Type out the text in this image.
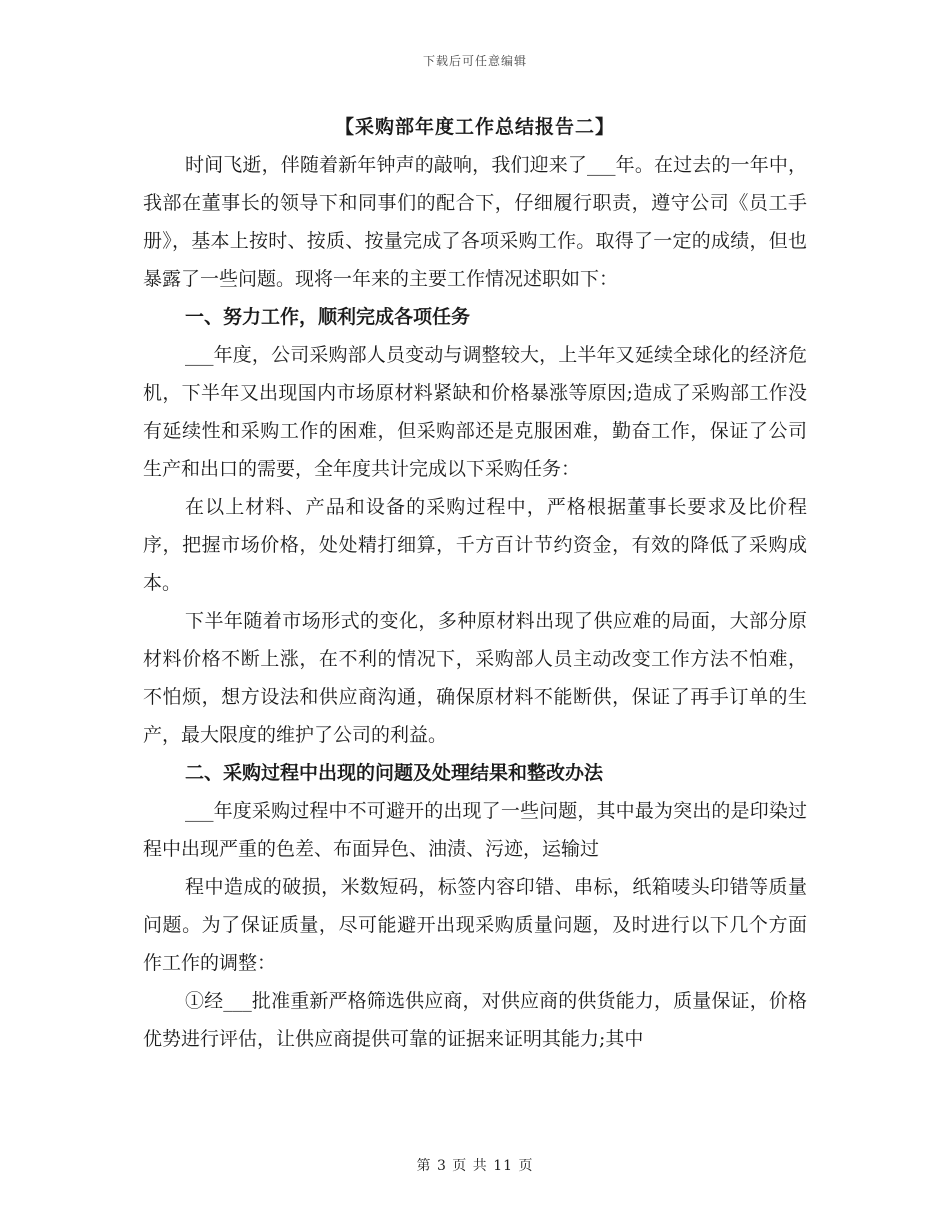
下载后可任意编辑

【采购部年度工作总结报告二】

时间飞逝，伴随着新年钟声的敲响，我们迎来了___年。在过去的一年中，我部在董事长的领导下和同事们的配合下，仔细履行职责，遵守公司《员工手册》，基本上按时、按质、按量完成了各项采购工作。取得了一定的成绩，但也暴露了一些问题。现将一年来的主要工作情况述职如下：

一、努力工作，顺利完成各项任务

___年度，公司采购部人员变动与调整较大，上半年又延续全球化的经济危机，下半年又出现国内市场原材料紧缺和价格暴涨等原因;造成了采购部工作没有延续性和采购工作的困难，但采购部还是克服困难，勤奋工作，保证了公司生产和出口的需要，全年度共计完成以下采购任务：

在以上材料、产品和设备的采购过程中，严格根据董事长要求及比价程序，把握市场价格，处处精打细算，千方百计节约资金，有效的降低了采购成本。

下半年随着市场形式的变化，多种原材料出现了供应难的局面，大部分原材料价格不断上涨，在不利的情况下，采购部人员主动改变工作方法不怕难，不怕烦，想方设法和供应商沟通，确保原材料不能断供，保证了再手订单的生产，最大限度的维护了公司的利益。

二、采购过程中出现的问题及处理结果和整改办法

___年度采购过程中不可避开的出现了一些问题，其中最为突出的是印染过程中出现严重的色差、布面异色、油渍、污迹，运输过

程中造成的破损，米数短码，标签内容印错、串标，纸箱唛头印错等质量问题。为了保证质量，尽可能避开出现采购质量问题，及时进行以下几个方面作工作的调整：

①经___批准重新严格筛选供应商，对供应商的供货能力，质量保证，价格优势进行评估，让供应商提供可靠的证据来证明其能力;其中

第 3 页 共 11 页
